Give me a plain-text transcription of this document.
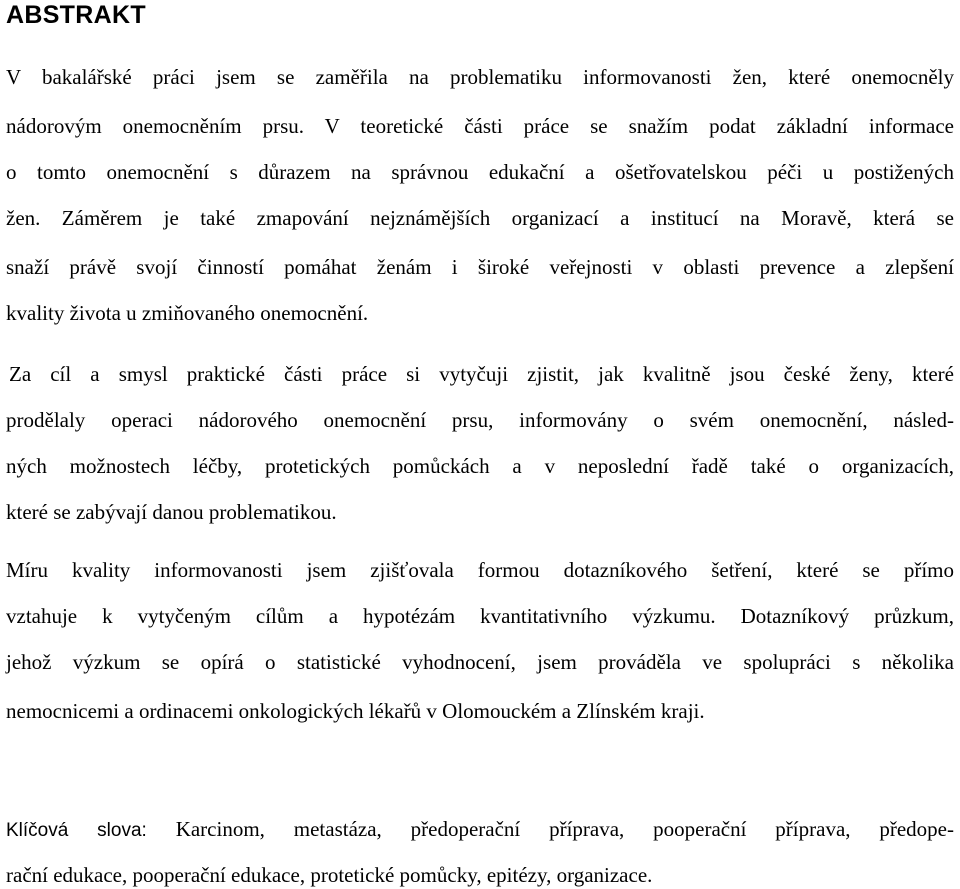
ABSTRAKT
V bakalářské práci jsem se zaměřila na problematiku informovanosti žen, které onemocněly
nádorovým onemocněním prsu. V teoretické části práce se snažím podat základní informace
o tomto onemocnění s důrazem na správnou edukační a ošetřovatelskou péči u postižených
žen. Záměrem je také zmapování nejznámějších organizací a institucí na Moravě, která se
snaží právě svojí činností pomáhat ženám i široké veřejnosti v oblasti prevence a zlepšení
kvality života u zmiňovaného onemocnění.
Za cíl a smysl praktické části práce si vytyčuji zjistit, jak kvalitně jsou české ženy, které
prodělaly operaci nádorového onemocnění prsu, informovány o svém onemocnění, násled-
ných možnostech léčby, protetických pomůckách a v neposlední řadě také o organizacích,
které se zabývají danou problematikou.
Míru kvality informovanosti jsem zjišťovala formou dotazníkového šetření, které se přímo
vztahuje k vytyčeným cílům a hypotézám kvantitativního výzkumu. Dotazníkový průzkum,
jehož výzkum se opírá o statistické vyhodnocení, jsem prováděla ve spolupráci s několika
nemocnicemi a ordinacemi onkologických lékařů v Olomouckém a Zlínském kraji.
Klíčová slova: Karcinom, metastáza, předoperační příprava, pooperační příprava, předope-
rační edukace, pooperační edukace, protetické pomůcky, epitézy, organizace.
